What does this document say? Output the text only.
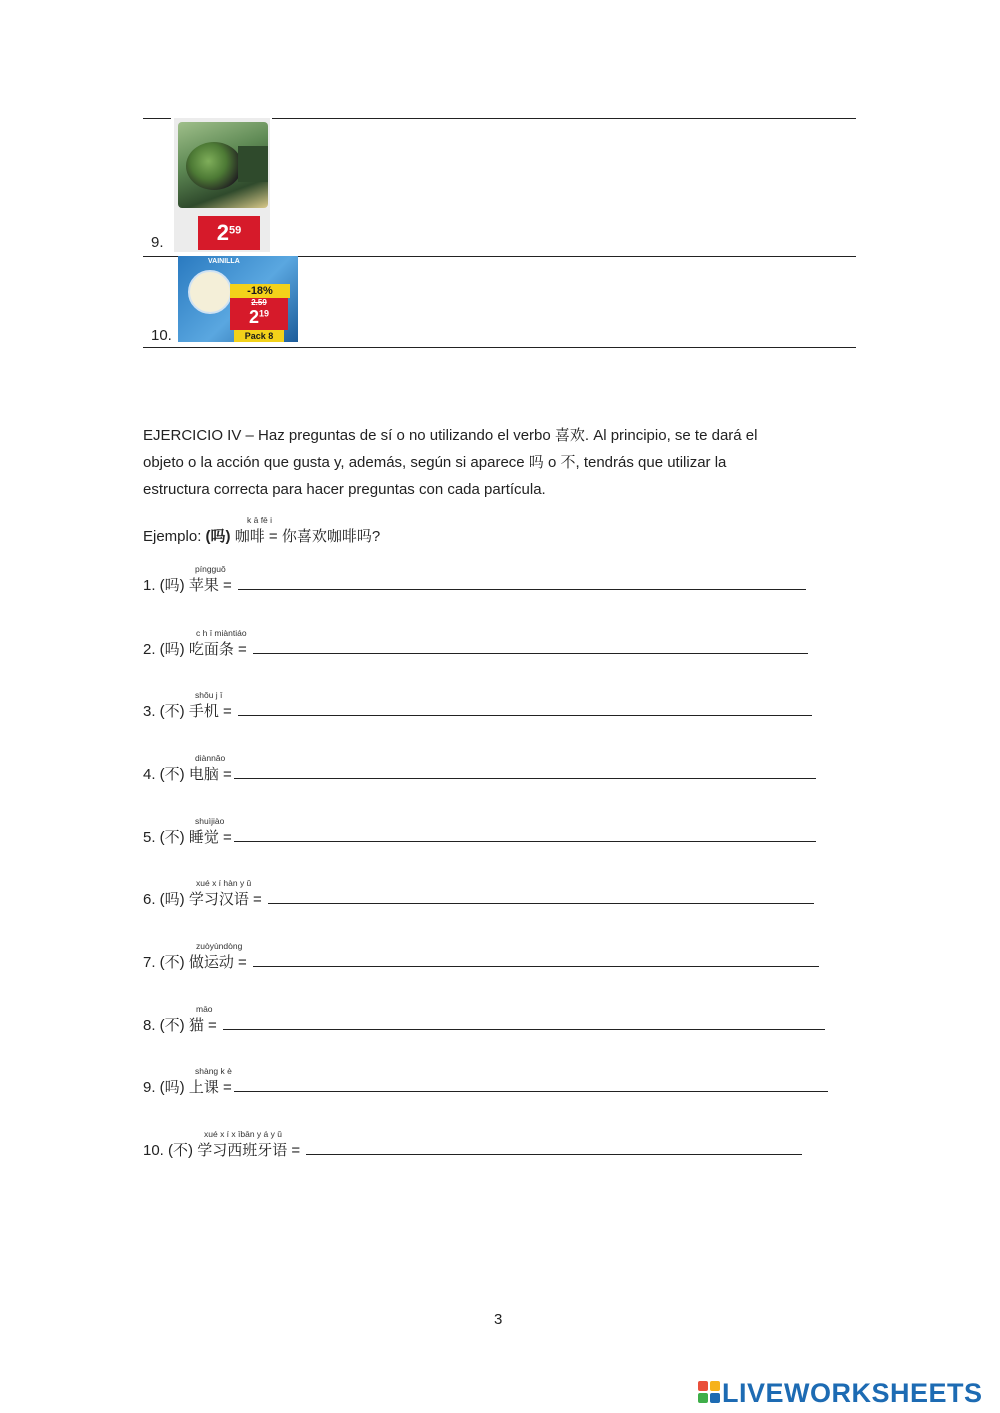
9.	$2^{59}$
10.
VAINILLA
-18%
2.59
$2^{19}$
Pack 8
EJERCICIO IV – Haz preguntas de sí o no utilizando el verbo 喜欢. Al principio, se te dará el
objeto o la acción que gusta y, además, según si aparece 吗 o 不, tendrás que utilizar la
estructura correcta para hacer preguntas con cada partícula.
k ā fē i
Ejemplo: (吗) 咖啡 = 你喜欢咖啡吗?
píngguǒ
1. (吗) 苹果 =
c h ī miàntiáo
2. (吗) 吃面条 =
shǒu j ī
3. (不) 手机 =
diànnǎo
4. (不) 电脑 =
shuìjiào
5. (不) 睡觉 =
xué x í hàn y ǔ
6. (吗) 学习汉语 =
zuòyùndòng
7. (不) 做运动 =
māo
8. (不) 猫 =
shàng k è
9. (吗) 上课 =
xué x í x ībān y á y ǔ
10. (不) 学习西班牙语 =
3
LIVEWORKSHEETS
